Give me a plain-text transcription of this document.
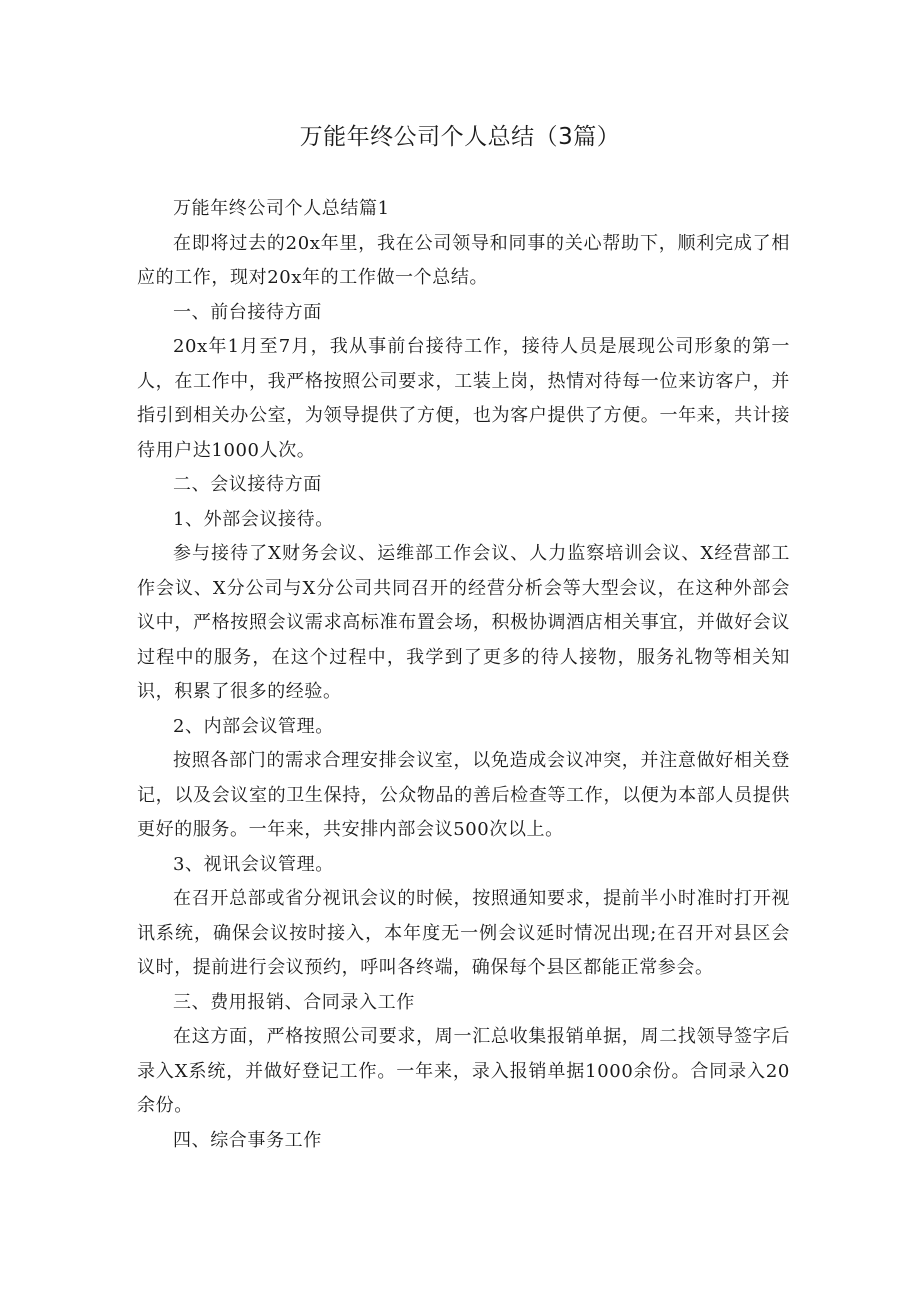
万能年终公司个人总结（3篇）

万能年终公司个人总结篇1

在即将过去的20x年里，我在公司领导和同事的关心帮助下，顺利完成了相应的工作，现对20x年的工作做一个总结。

一、前台接待方面

20x年1月至7月，我从事前台接待工作，接待人员是展现公司形象的第一人，在工作中，我严格按照公司要求，工装上岗，热情对待每一位来访客户，并指引到相关办公室，为领导提供了方便，也为客户提供了方便。一年来，共计接待用户达1000人次。

二、会议接待方面

1、外部会议接待。

参与接待了X财务会议、运维部工作会议、人力监察培训会议、X经营部工作会议、X分公司与X分公司共同召开的经营分析会等大型会议，在这种外部会议中，严格按照会议需求高标准布置会场，积极协调酒店相关事宜，并做好会议过程中的服务，在这个过程中，我学到了更多的待人接物，服务礼物等相关知识，积累了很多的经验。

2、内部会议管理。

按照各部门的需求合理安排会议室，以免造成会议冲突，并注意做好相关登记，以及会议室的卫生保持，公众物品的善后检查等工作，以便为本部人员提供更好的服务。一年来，共安排内部会议500次以上。

3、视讯会议管理。

在召开总部或省分视讯会议的时候，按照通知要求，提前半小时准时打开视讯系统，确保会议按时接入，本年度无一例会议延时情况出现;在召开对县区会议时，提前进行会议预约，呼叫各终端，确保每个县区都能正常参会。

三、费用报销、合同录入工作

在这方面，严格按照公司要求，周一汇总收集报销单据，周二找领导签字后录入X系统，并做好登记工作。一年来，录入报销单据1000余份。合同录入20余份。

四、综合事务工作
